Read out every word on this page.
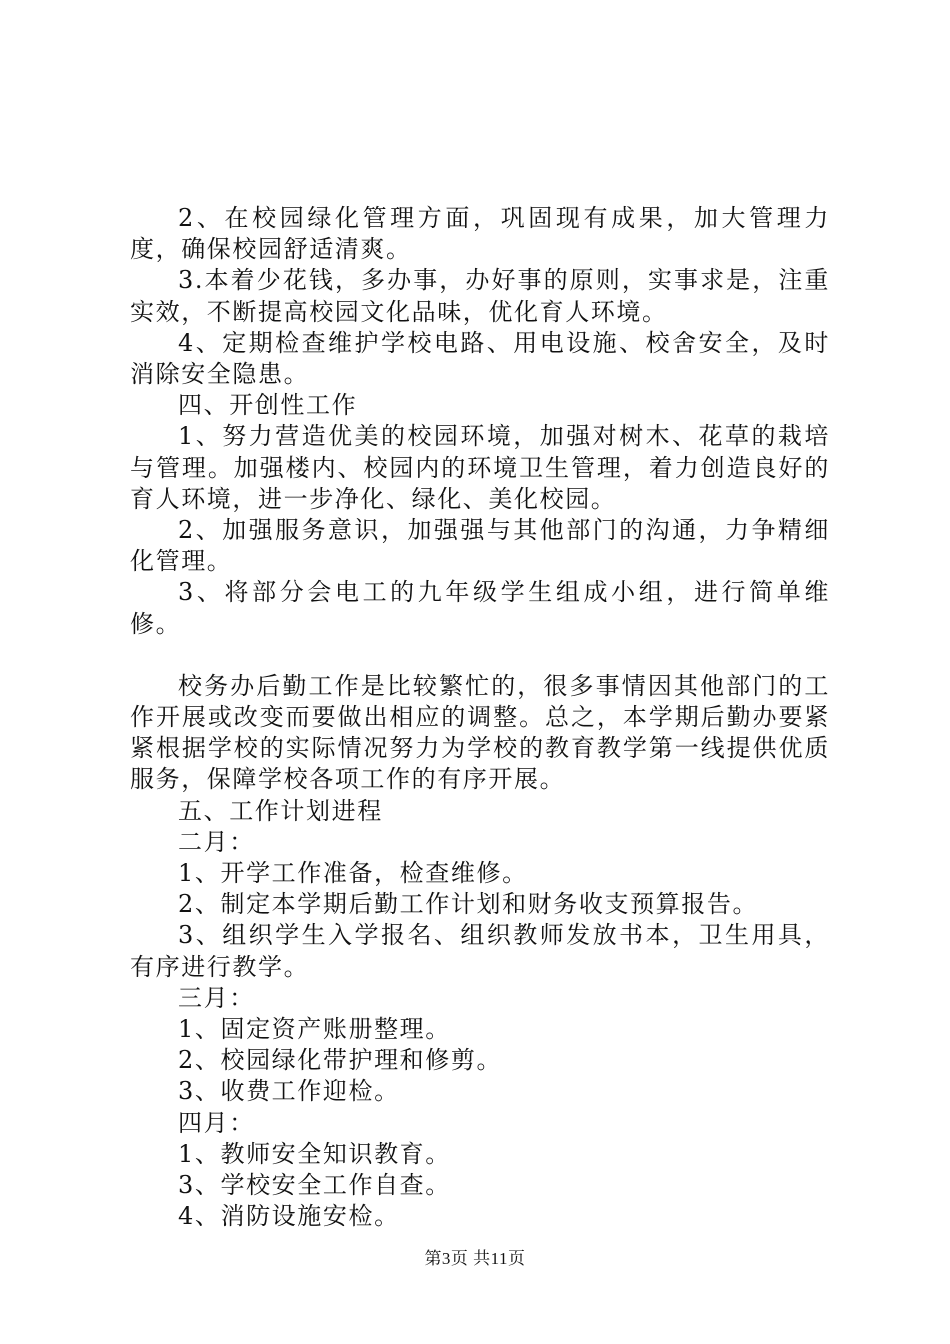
2、在校园绿化管理方面，巩固现有成果，加大管理力度，确保校园舒适清爽。

3.本着少花钱，多办事，办好事的原则，实事求是，注重实效，不断提高校园文化品味，优化育人环境。

4、定期检查维护学校电路、用电设施、校舍安全，及时消除安全隐患。

四、开创性工作

1、努力营造优美的校园环境，加强对树木、花草的栽培与管理。加强楼内、校园内的环境卫生管理，着力创造良好的育人环境，进一步净化、绿化、美化校园。

2、加强服务意识，加强强与其他部门的沟通，力争精细化管理。

3、将部分会电工的九年级学生组成小组，进行简单维修。

校务办后勤工作是比较繁忙的，很多事情因其他部门的工作开展或改变而要做出相应的调整。总之，本学期后勤办要紧紧根据学校的实际情况努力为学校的教育教学第一线提供优质服务，保障学校各项工作的有序开展。

五、工作计划进程

二月：

1、开学工作准备，检查维修。

2、制定本学期后勤工作计划和财务收支预算报告。

3、组织学生入学报名、组织教师发放书本，卫生用具，有序进行教学。

三月：

1、固定资产账册整理。

2、校园绿化带护理和修剪。

3、收费工作迎检。

四月：

1、教师安全知识教育。

3、学校安全工作自查。

4、消防设施安检。

第3页 共11页
